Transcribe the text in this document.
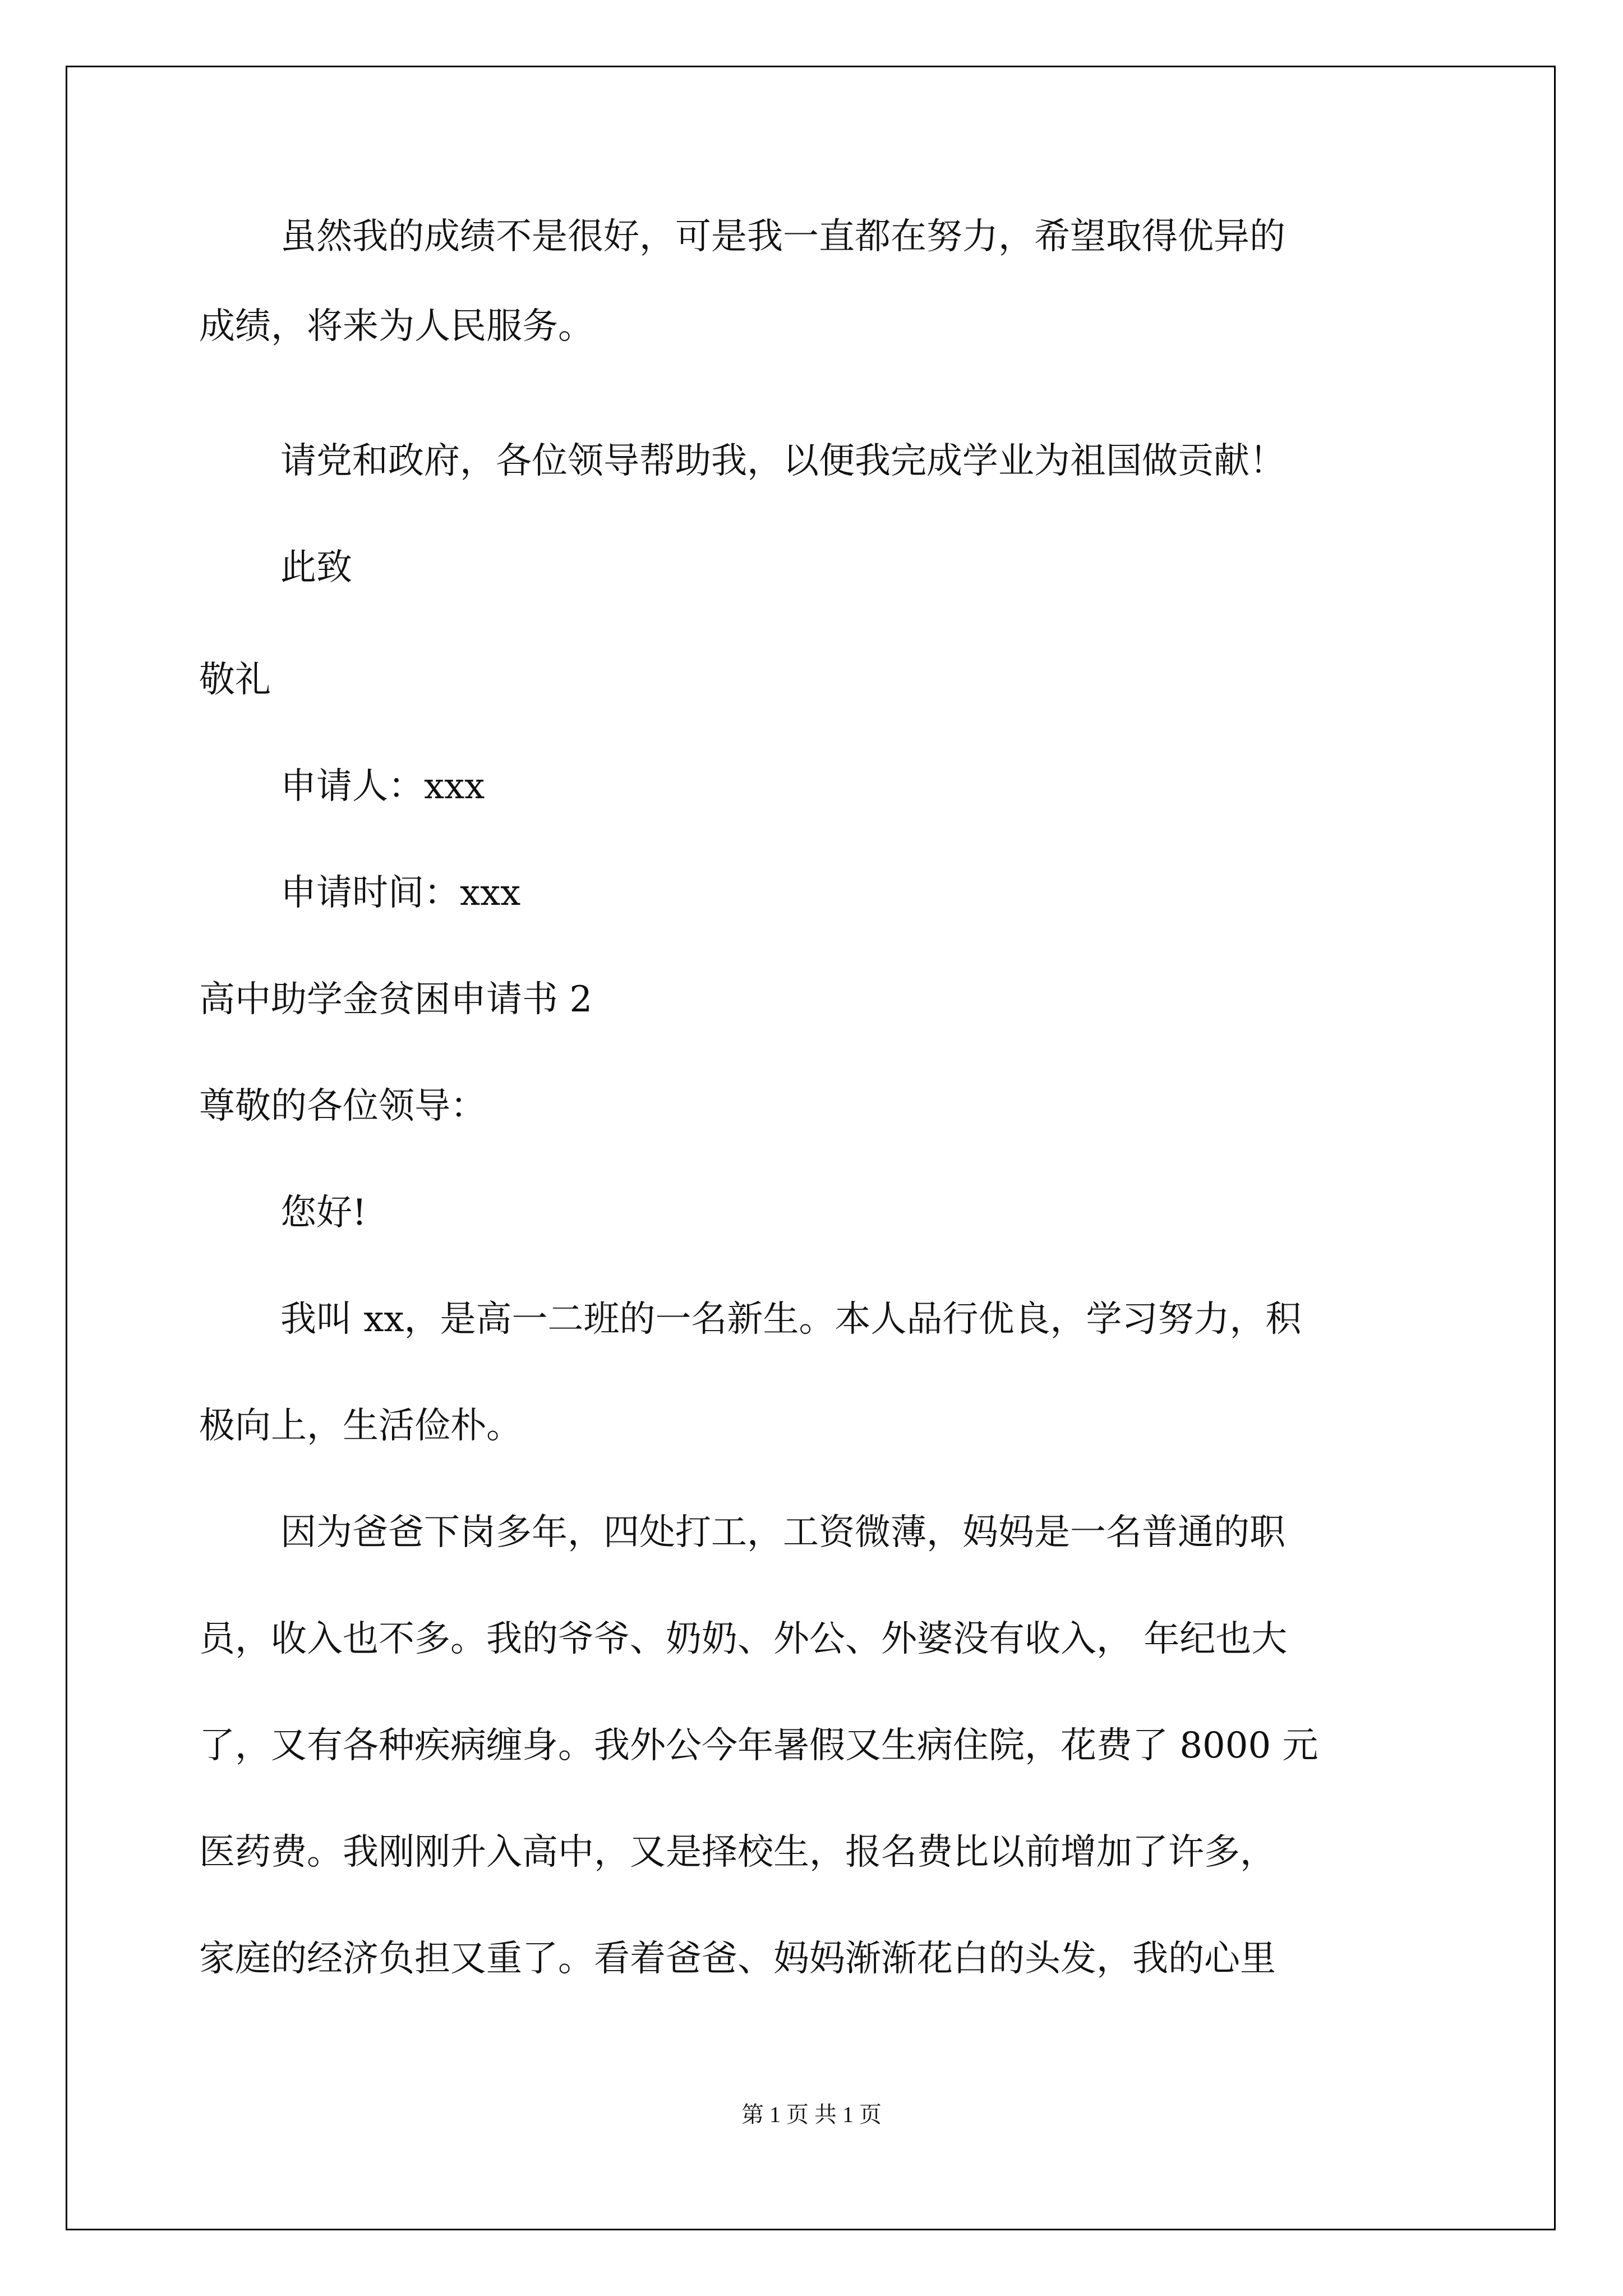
虽然我的成绩不是很好，可是我一直都在努力，希望取得优异的

成绩，将来为人民服务。

请党和政府，各位领导帮助我，以便我完成学业为祖国做贡献！

此致

敬礼

申请人：xxx

申请时间：xxx

高中助学金贫困申请书 2

尊敬的各位领导：

您好!

我叫 xx，是高一二班的一名新生。本人品行优良，学习努力，积

极向上，生活俭朴。

因为爸爸下岗多年，四处打工，工资微薄，妈妈是一名普通的职

员，收入也不多。我的爷爷、奶奶、外公、外婆没有收入， 年纪也大

了，又有各种疾病缠身。我外公今年暑假又生病住院，花费了 8000 元

医药费。我刚刚升入高中，又是择校生，报名费比以前增加了许多，

家庭的经济负担又重了。看着爸爸、妈妈渐渐花白的头发，我的心里

第 1 页 共 1 页
